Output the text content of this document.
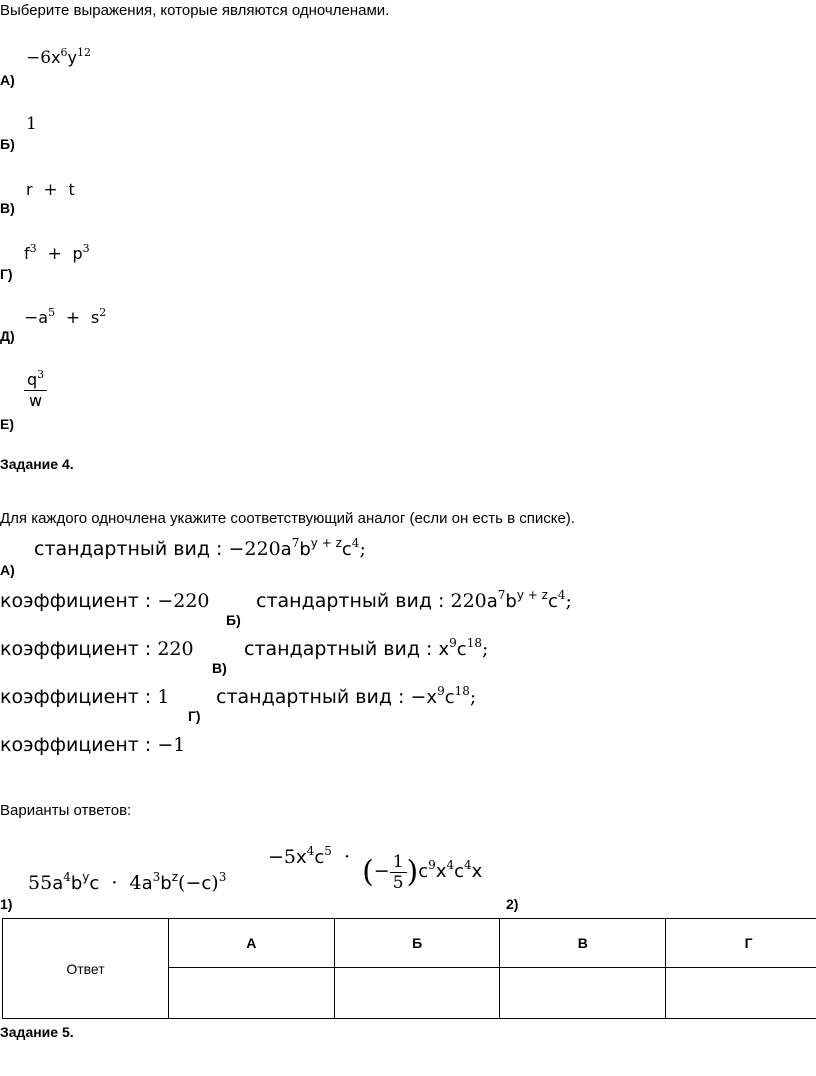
Выберите выражения, которые являются одночленами.
А)
$-6x^6y^{12}$
Б)
1
В)
r  +  t
Г)
$f^3 + p^3$
Д)
$-a^5 + s^2$
Е)
$\frac{q^3}{w}$
Задание 4.
Для каждого одночлена укажите соответствующий аналог (если он есть в списке).
А)
стандартный вид : $-220a^7b^{y + z}c^4$;
коэффициент : −220 стандартный вид : $220a^7b^{y + z}c^4$;
Б)
коэффициент : 220	стандартный вид : $x^9c^{18}$;
В)
коэффициент : 1 стандартный вид : $-x^9c^{18}$;
Г)
коэффициент : −1
Варианты ответов:
$55a^4b^yc \cdot 4a^3b^z(-c)^3$
1)
$-5x^4c^5$  ·  (− $\frac{1}{5} )c^9x^4c^4x$
2)
Ответ	А	Б	В	Г

Задание 5.
